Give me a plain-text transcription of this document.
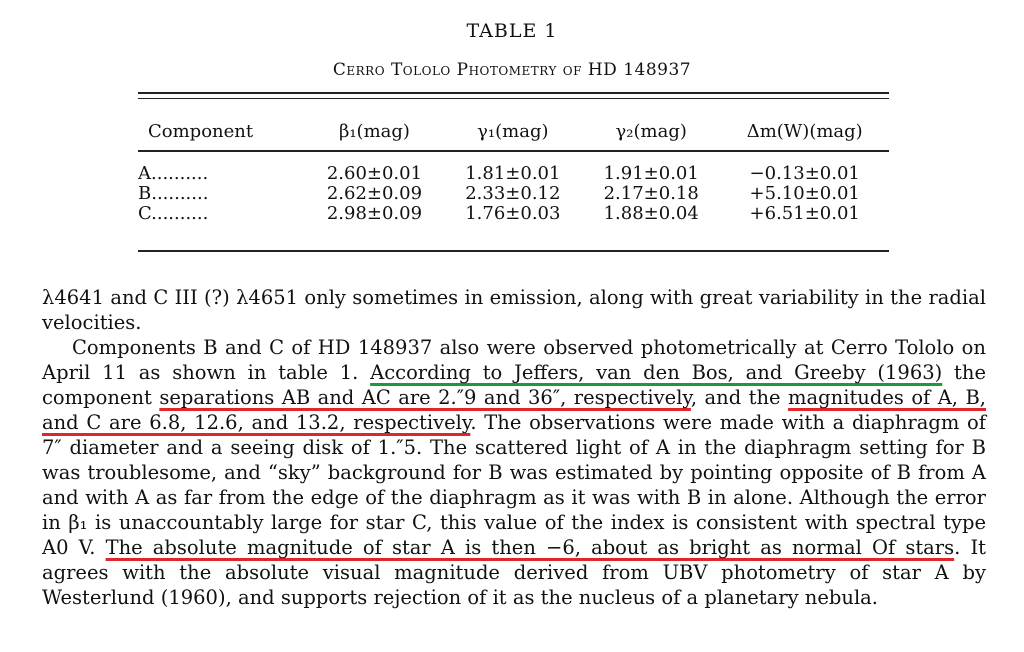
TABLE 1
Cerro Tololo Photometry of HD 148937
Component	β₁(mag)	γ₁(mag)	γ₂(mag)	Δm(W)(mag)
A..........	2.60±0.01	1.81±0.01	1.91±0.01	−0.13±0.01
B..........	2.62±0.09	2.33±0.12	2.17±0.18	+5.10±0.01
C..........	2.98±0.09	1.76±0.03	1.88±0.04	+6.51±0.01

λ4641 and C III (?) λ4651 only sometimes in emission, along with great variability in the radial velocities.

Components B and C of HD 148937 also were observed photometrically at Cerro Tololo on April 11 as shown in table 1. According to Jeffers, van den Bos, and Greeby (1963) the component separations AB and AC are 2.″9 and 36″, respectively, and the magnitudes of A, B, and C are 6.8, 12.6, and 13.2, respectively. The observations were made with a diaphragm of 7″ diameter and a seeing disk of 1.″5. The scattered light of A in the diaphragm setting for B was troublesome, and “sky” background for B was estimated by pointing opposite of B from A and with A as far from the edge of the diaphragm as it was with B in alone. Although the error in β₁ is unaccountably large for star C, this value of the index is consistent with spectral type A0 V. The absolute magnitude of star A is then −6, about as bright as normal Of stars. It agrees with the absolute visual magnitude derived from UBV photometry of star A by Westerlund (1960), and supports rejection of it as the nucleus of a planetary nebula.
